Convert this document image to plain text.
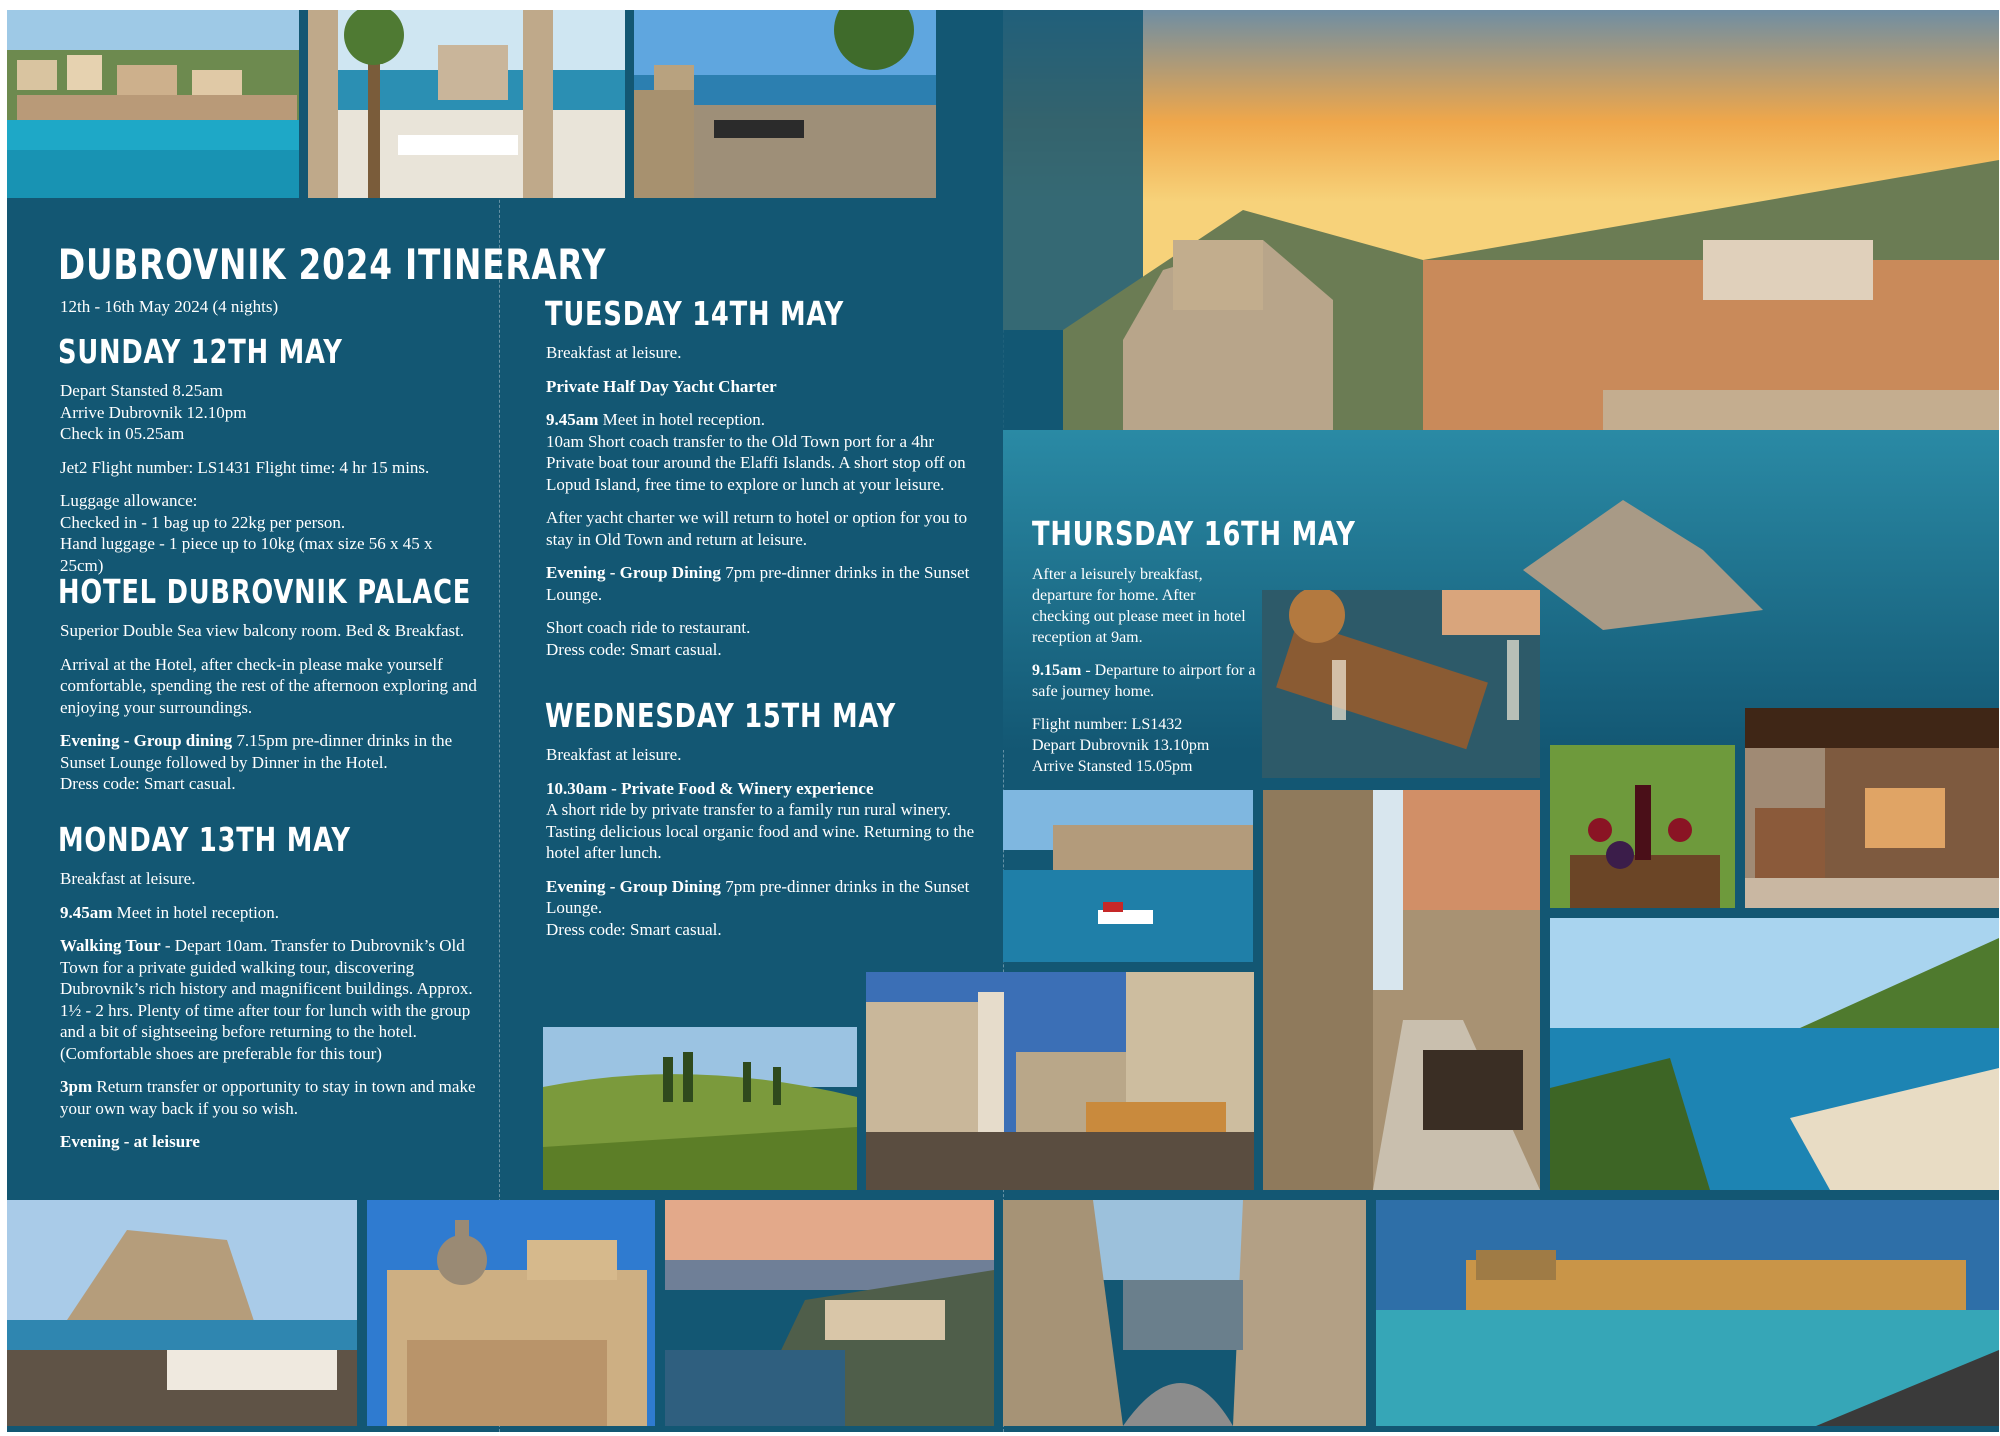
DUBROVNIK 2024 ITINERARY
12th - 16th May 2024 (4 nights)
SUNDAY 12TH MAY

Depart Stansted 8.25am
Arrive Dubrovnik 12.10pm
Check in 05.25am

Jet2 Flight number: LS1431 Flight time: 4 hr 15 mins.

Luggage allowance:
Checked in - 1 bag up to 22kg per person.
Hand luggage - 1 piece up to 10kg (max size 56 x 45 x 25cm)

HOTEL DUBROVNIK PALACE

Superior Double Sea view balcony room. Bed & Breakfast.

Arrival at the Hotel, after check-in please make yourself comfortable, spending the rest of the afternoon exploring and enjoying your surroundings.

Evening - Group dining 7.15pm pre-dinner drinks in the Sunset Lounge followed by Dinner in the Hotel.
Dress code: Smart casual.

MONDAY 13TH MAY

Breakfast at leisure.

9.45am Meet in hotel reception.

Walking Tour - Depart 10am. Transfer to Dubrovnik’s Old Town for a private guided walking tour, discovering Dubrovnik’s rich history and magnificent buildings. Approx. 1½ - 2 hrs. Plenty of time after tour for lunch with the group and a bit of sightseeing before returning to the hotel. (Comfortable shoes are preferable for this tour)

3pm Return transfer or opportunity to stay in town and make your own way back if you so wish.

Evening - at leisure

TUESDAY 14TH MAY

Breakfast at leisure.

Private Half Day Yacht Charter

9.45am Meet in hotel reception.
10am Short coach transfer to the Old Town port for a 4hr Private boat tour around the Elaffi Islands. A short stop off on Lopud Island, free time to explore or lunch at your leisure.

After yacht charter we will return to hotel or option for you to stay in Old Town and return at leisure.

Evening - Group Dining 7pm pre-dinner drinks in the Sunset Lounge.

Short coach ride to restaurant.
Dress code: Smart casual.

WEDNESDAY 15TH MAY

Breakfast at leisure.

10.30am - Private Food & Winery experience
A short ride by private transfer to a family run rural winery. Tasting delicious local organic food and wine. Returning to the hotel after lunch.

Evening - Group Dining 7pm pre-dinner drinks in the Sunset Lounge.
Dress code: Smart casual.

THURSDAY 16TH MAY

After a leisurely breakfast, departure for home. After checking out please meet in hotel reception at 9am.

9.15am - Departure to airport for a safe journey home.

Flight number: LS1432
Depart Dubrovnik 13.10pm
Arrive Stansted 15.05pm
